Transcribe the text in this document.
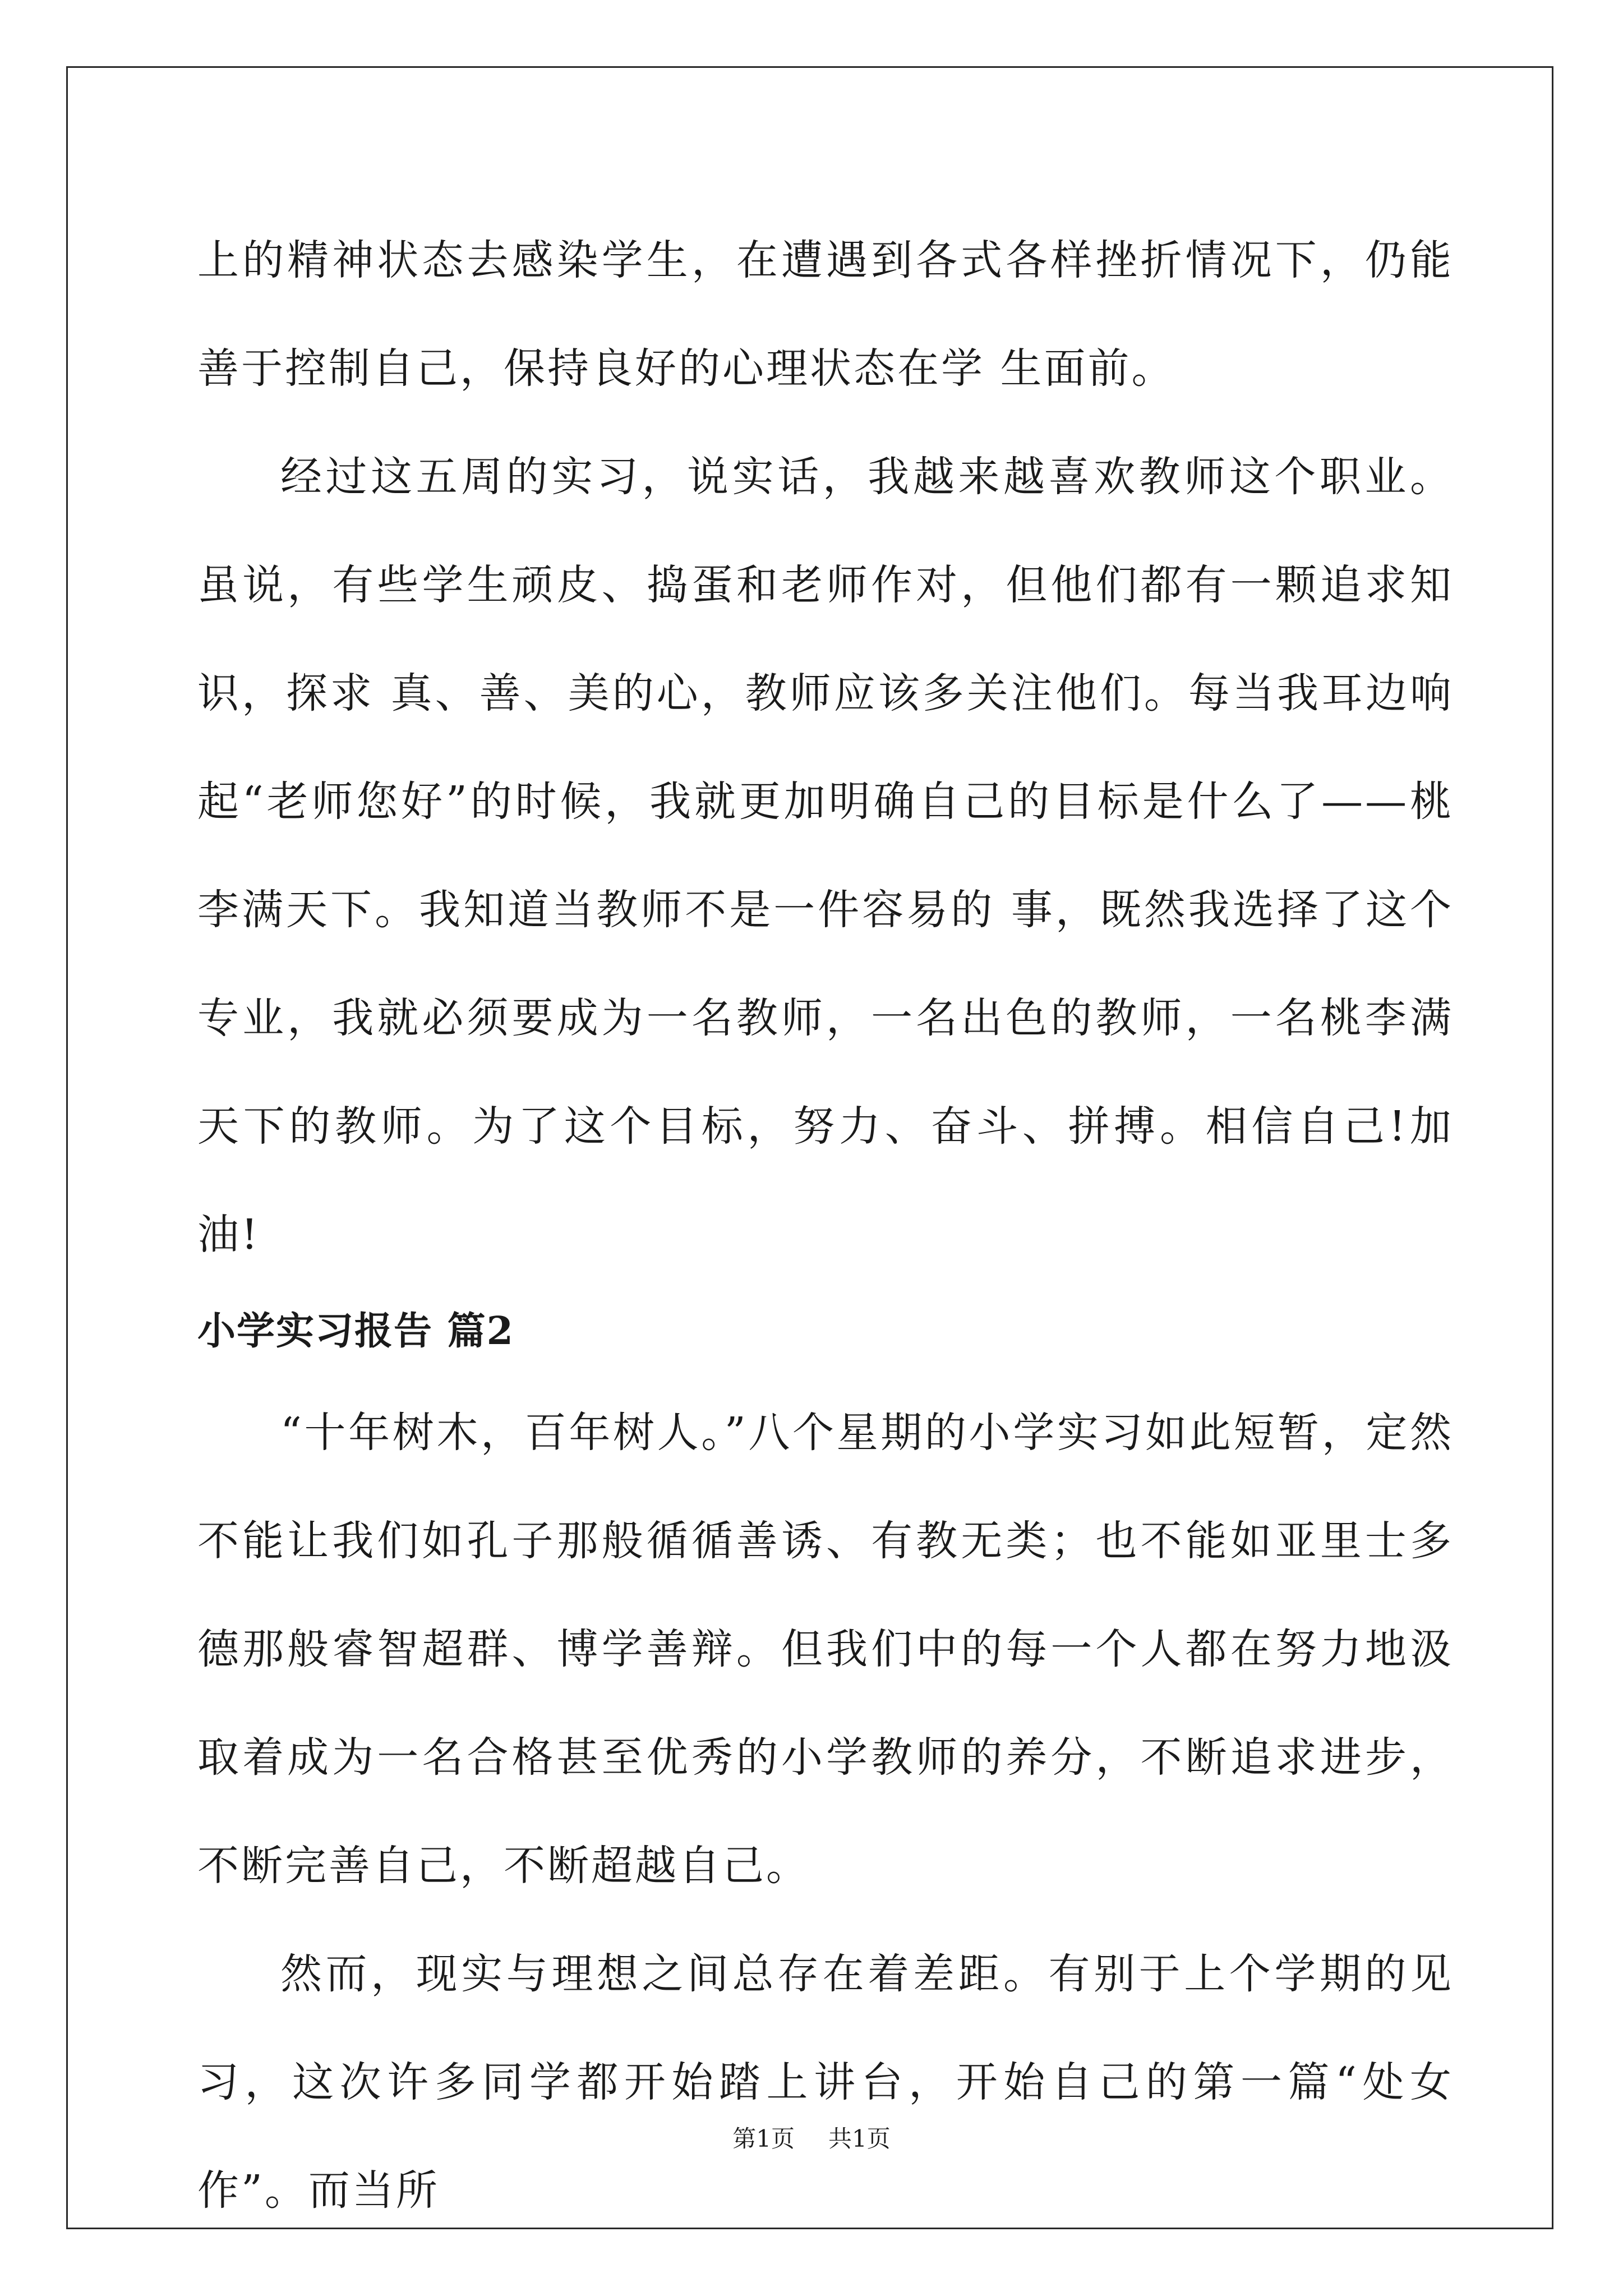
上的精神状态去感染学生，在遭遇到各式各样挫折情况下，仍能善于控制自己，保持良好的心理状态在学 生面前。

经过这五周的实习，说实话，我越来越喜欢教师这个职业。虽说，有些学生顽皮、捣蛋和老师作对，但他们都有一颗追求知识，探求 真、善、美的心，教师应该多关注他们。每当我耳边响起“老师您好”的时候，我就更加明确自己的目标是什么了——桃李满天下。我知道当教师不是一件容易的 事，既然我选择了这个专业，我就必须要成为一名教师，一名出色的教师，一名桃李满天下的教师。为了这个目标，努力、奋斗、拼搏。相信自己!加油!

小学实习报告 篇2

“十年树木，百年树人。”八个星期的小学实习如此短暂，定然不能让我们如孔子那般循循善诱、有教无类；也不能如亚里士多德那般睿智超群、博学善辩。但我们中的每一个人都在努力地汲取着成为一名合格甚至优秀的小学教师的养分，不断追求进步，不断完善自己，不断超越自己。

然而，现实与理想之间总存在着差距。有别于上个学期的见习，这次许多同学都开始踏上讲台，开始自己的第一篇“处女作”。而当所

第1页 共1页
